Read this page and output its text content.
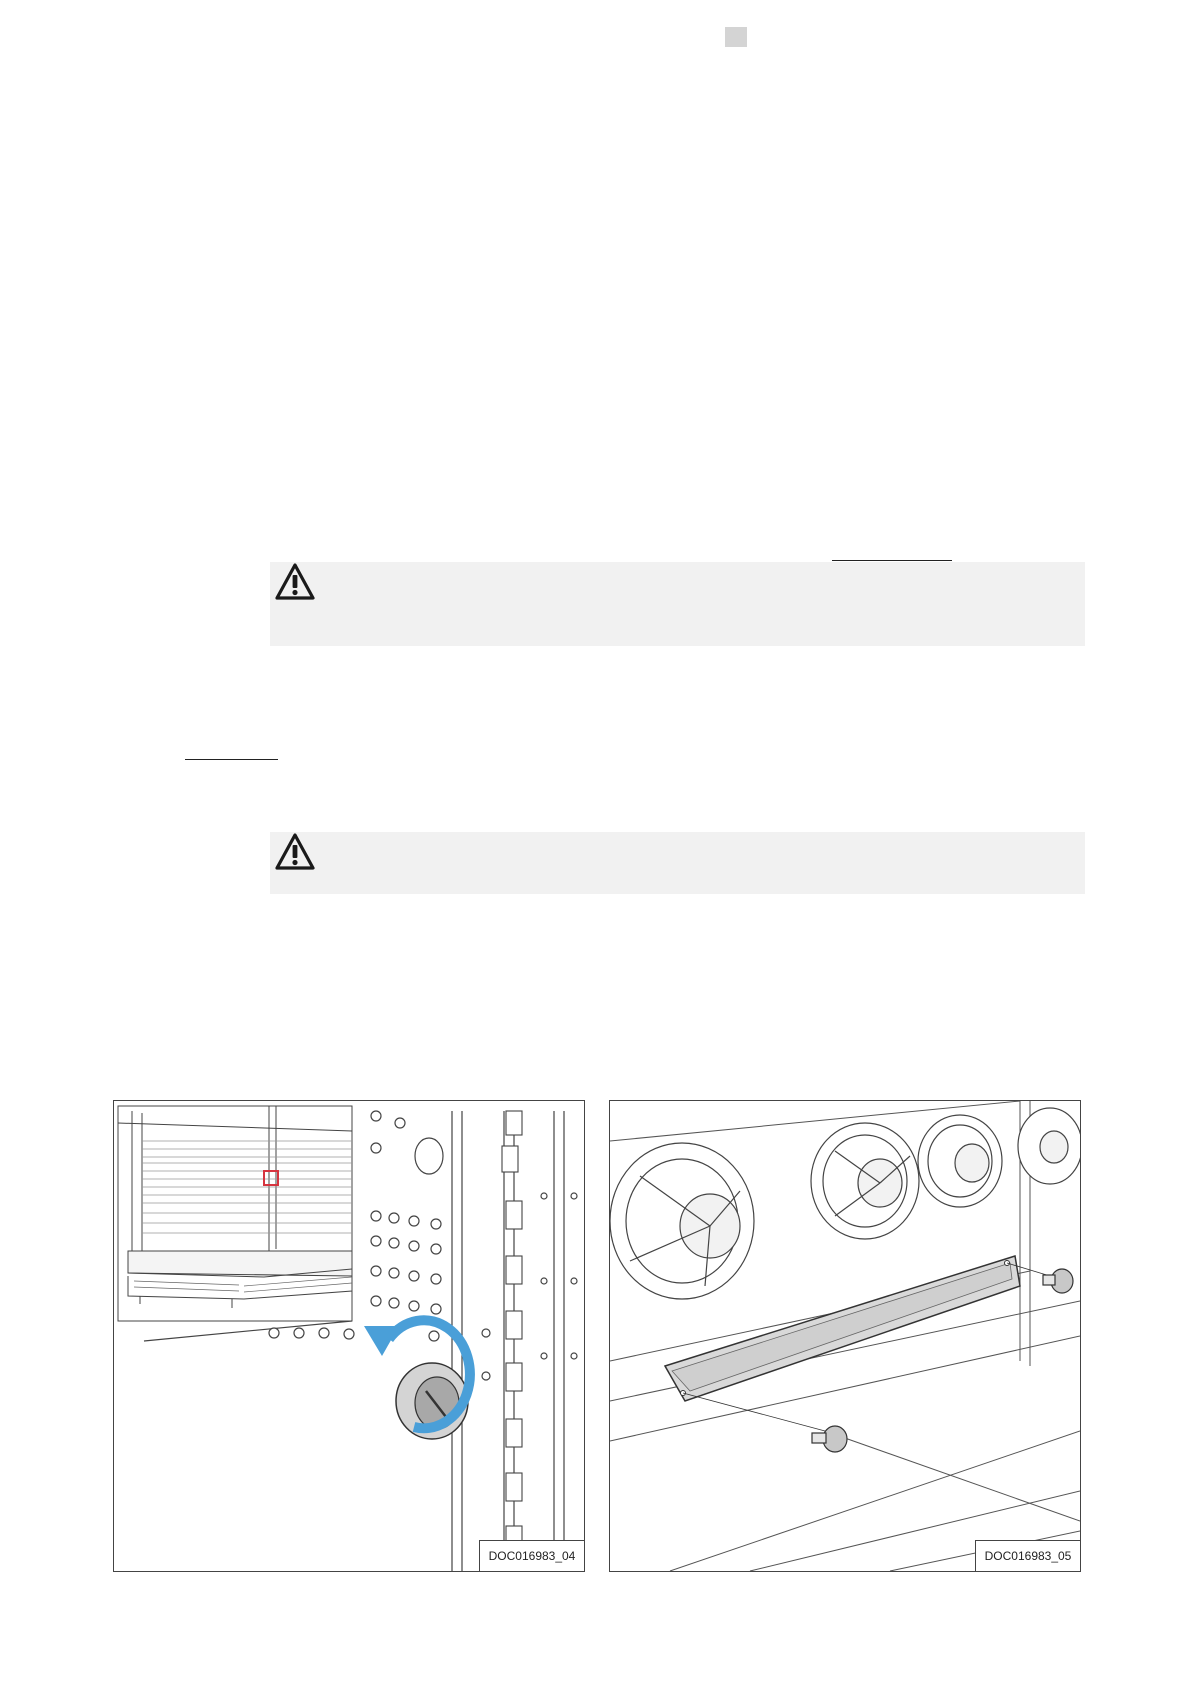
DOC016983_04	DOC016983_05
